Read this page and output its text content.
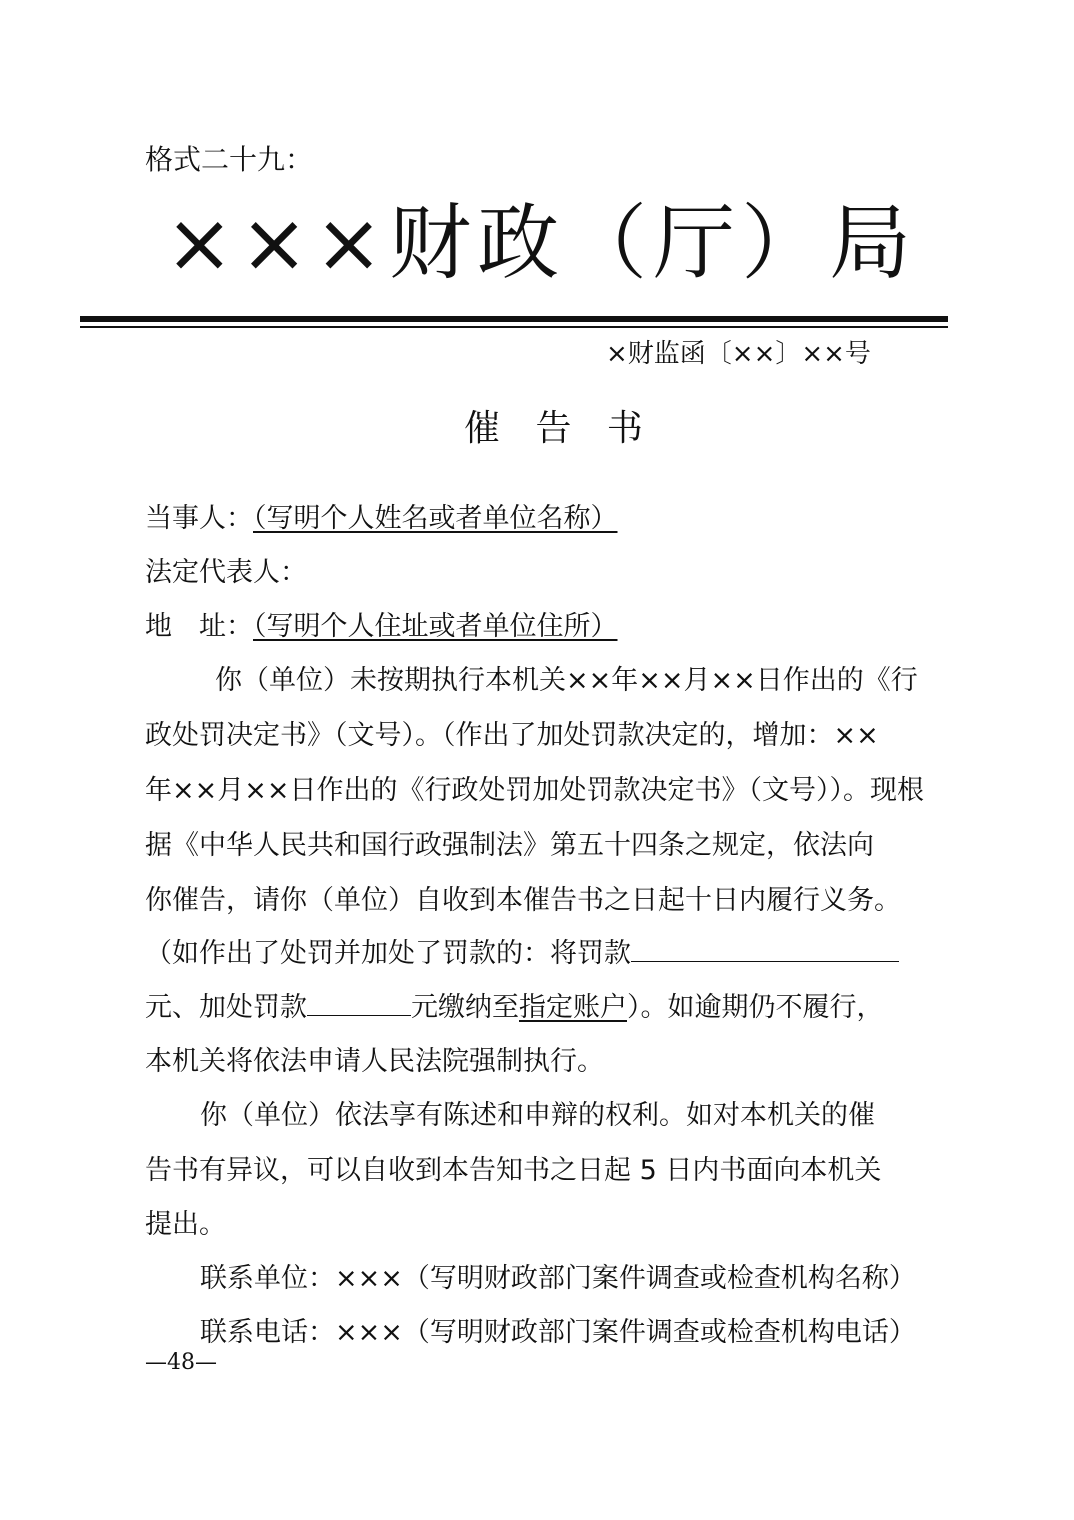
格式二十九：
×××财政（厅）局
×财监函〔××〕××号
催 告 书
当事人：（写明个人姓名或者单位名称）
法定代表人：
地　址：（写明个人住址或者单位住所）
你（单位）未按期执行本机关××年××月××日作出的《行
政处罚决定书》（文号）。（作出了加处罚款决定的，增加：××
年××月××日作出的《行政处罚加处罚款决定书》（文号））。现根
据《中华人民共和国行政强制法》第五十四条之规定，依法向
你催告，请你（单位）自收到本催告书之日起十日内履行义务。
（如作出了处罚并加处了罚款的：将罚款
元、加处罚款	元缴纳至指定账户）。如逾期仍不履行，
本机关将依法申请人民法院强制执行。
你（单位）依法享有陈述和申辩的权利。如对本机关的催
告书有异议，可以自收到本告知书之日起 5 日内书面向本机关
提出。
联系单位：×××（写明财政部门案件调查或检查机构名称）
联系电话：×××（写明财政部门案件调查或检查机构电话）
—48—
